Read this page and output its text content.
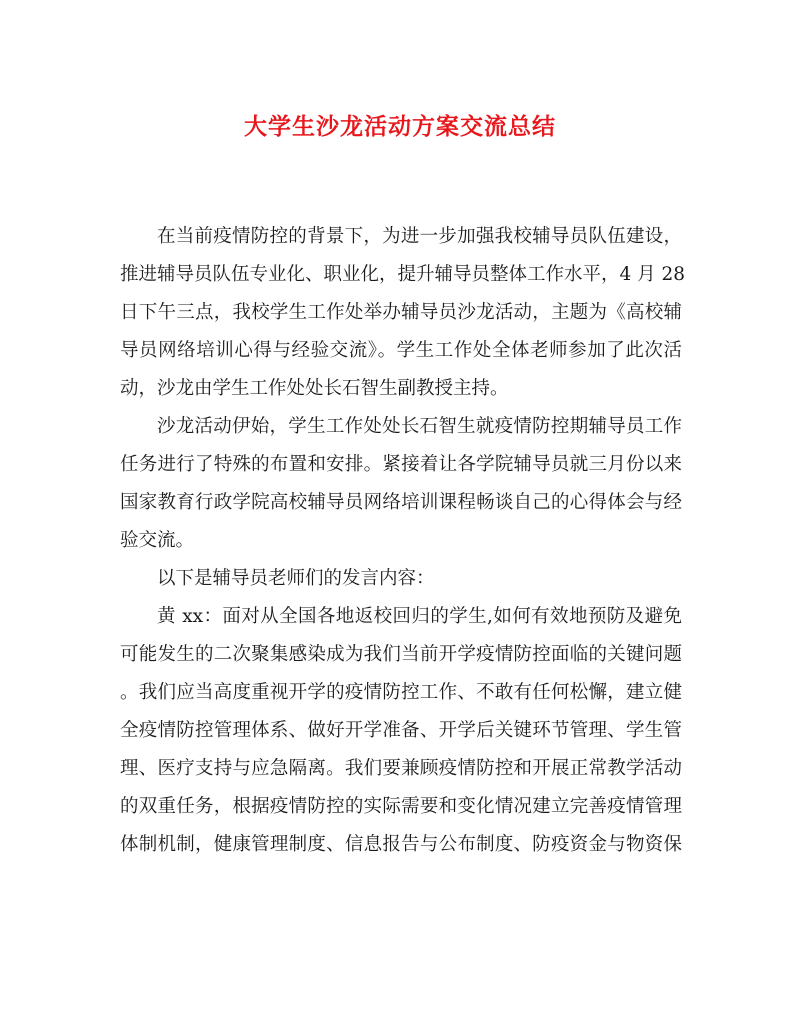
大学生沙龙活动方案交流总结

在当前疫情防控的背景下，为进一步加强我校辅导员队伍建设，
推进辅导员队伍专业化、职业化，提升辅导员整体工作水平，4 月 28
日下午三点，我校学生工作处举办辅导员沙龙活动，主题为《高校辅
导员网络培训心得与经验交流》。学生工作处全体老师参加了此次活
动，沙龙由学生工作处处长石智生副教授主持。

沙龙活动伊始，学生工作处处长石智生就疫情防控期辅导员工作
任务进行了特殊的布置和安排。紧接着让各学院辅导员就三月份以来
国家教育行政学院高校辅导员网络培训课程畅谈自己的心得体会与经
验交流。

以下是辅导员老师们的发言内容：

黄 xx：面对从全国各地返校回归的学生,如何有效地预防及避免
可能发生的二次聚集感染成为我们当前开学疫情防控面临的关键问题
。我们应当高度重视开学的疫情防控工作、不敢有任何松懈，建立健
全疫情防控管理体系、做好开学准备、开学后关键环节管理、学生管
理、医疗支持与应急隔离。我们要兼顾疫情防控和开展正常教学活动
的双重任务，根据疫情防控的实际需要和变化情况建立完善疫情管理
体制机制，健康管理制度、信息报告与公布制度、防疫资金与物资保
